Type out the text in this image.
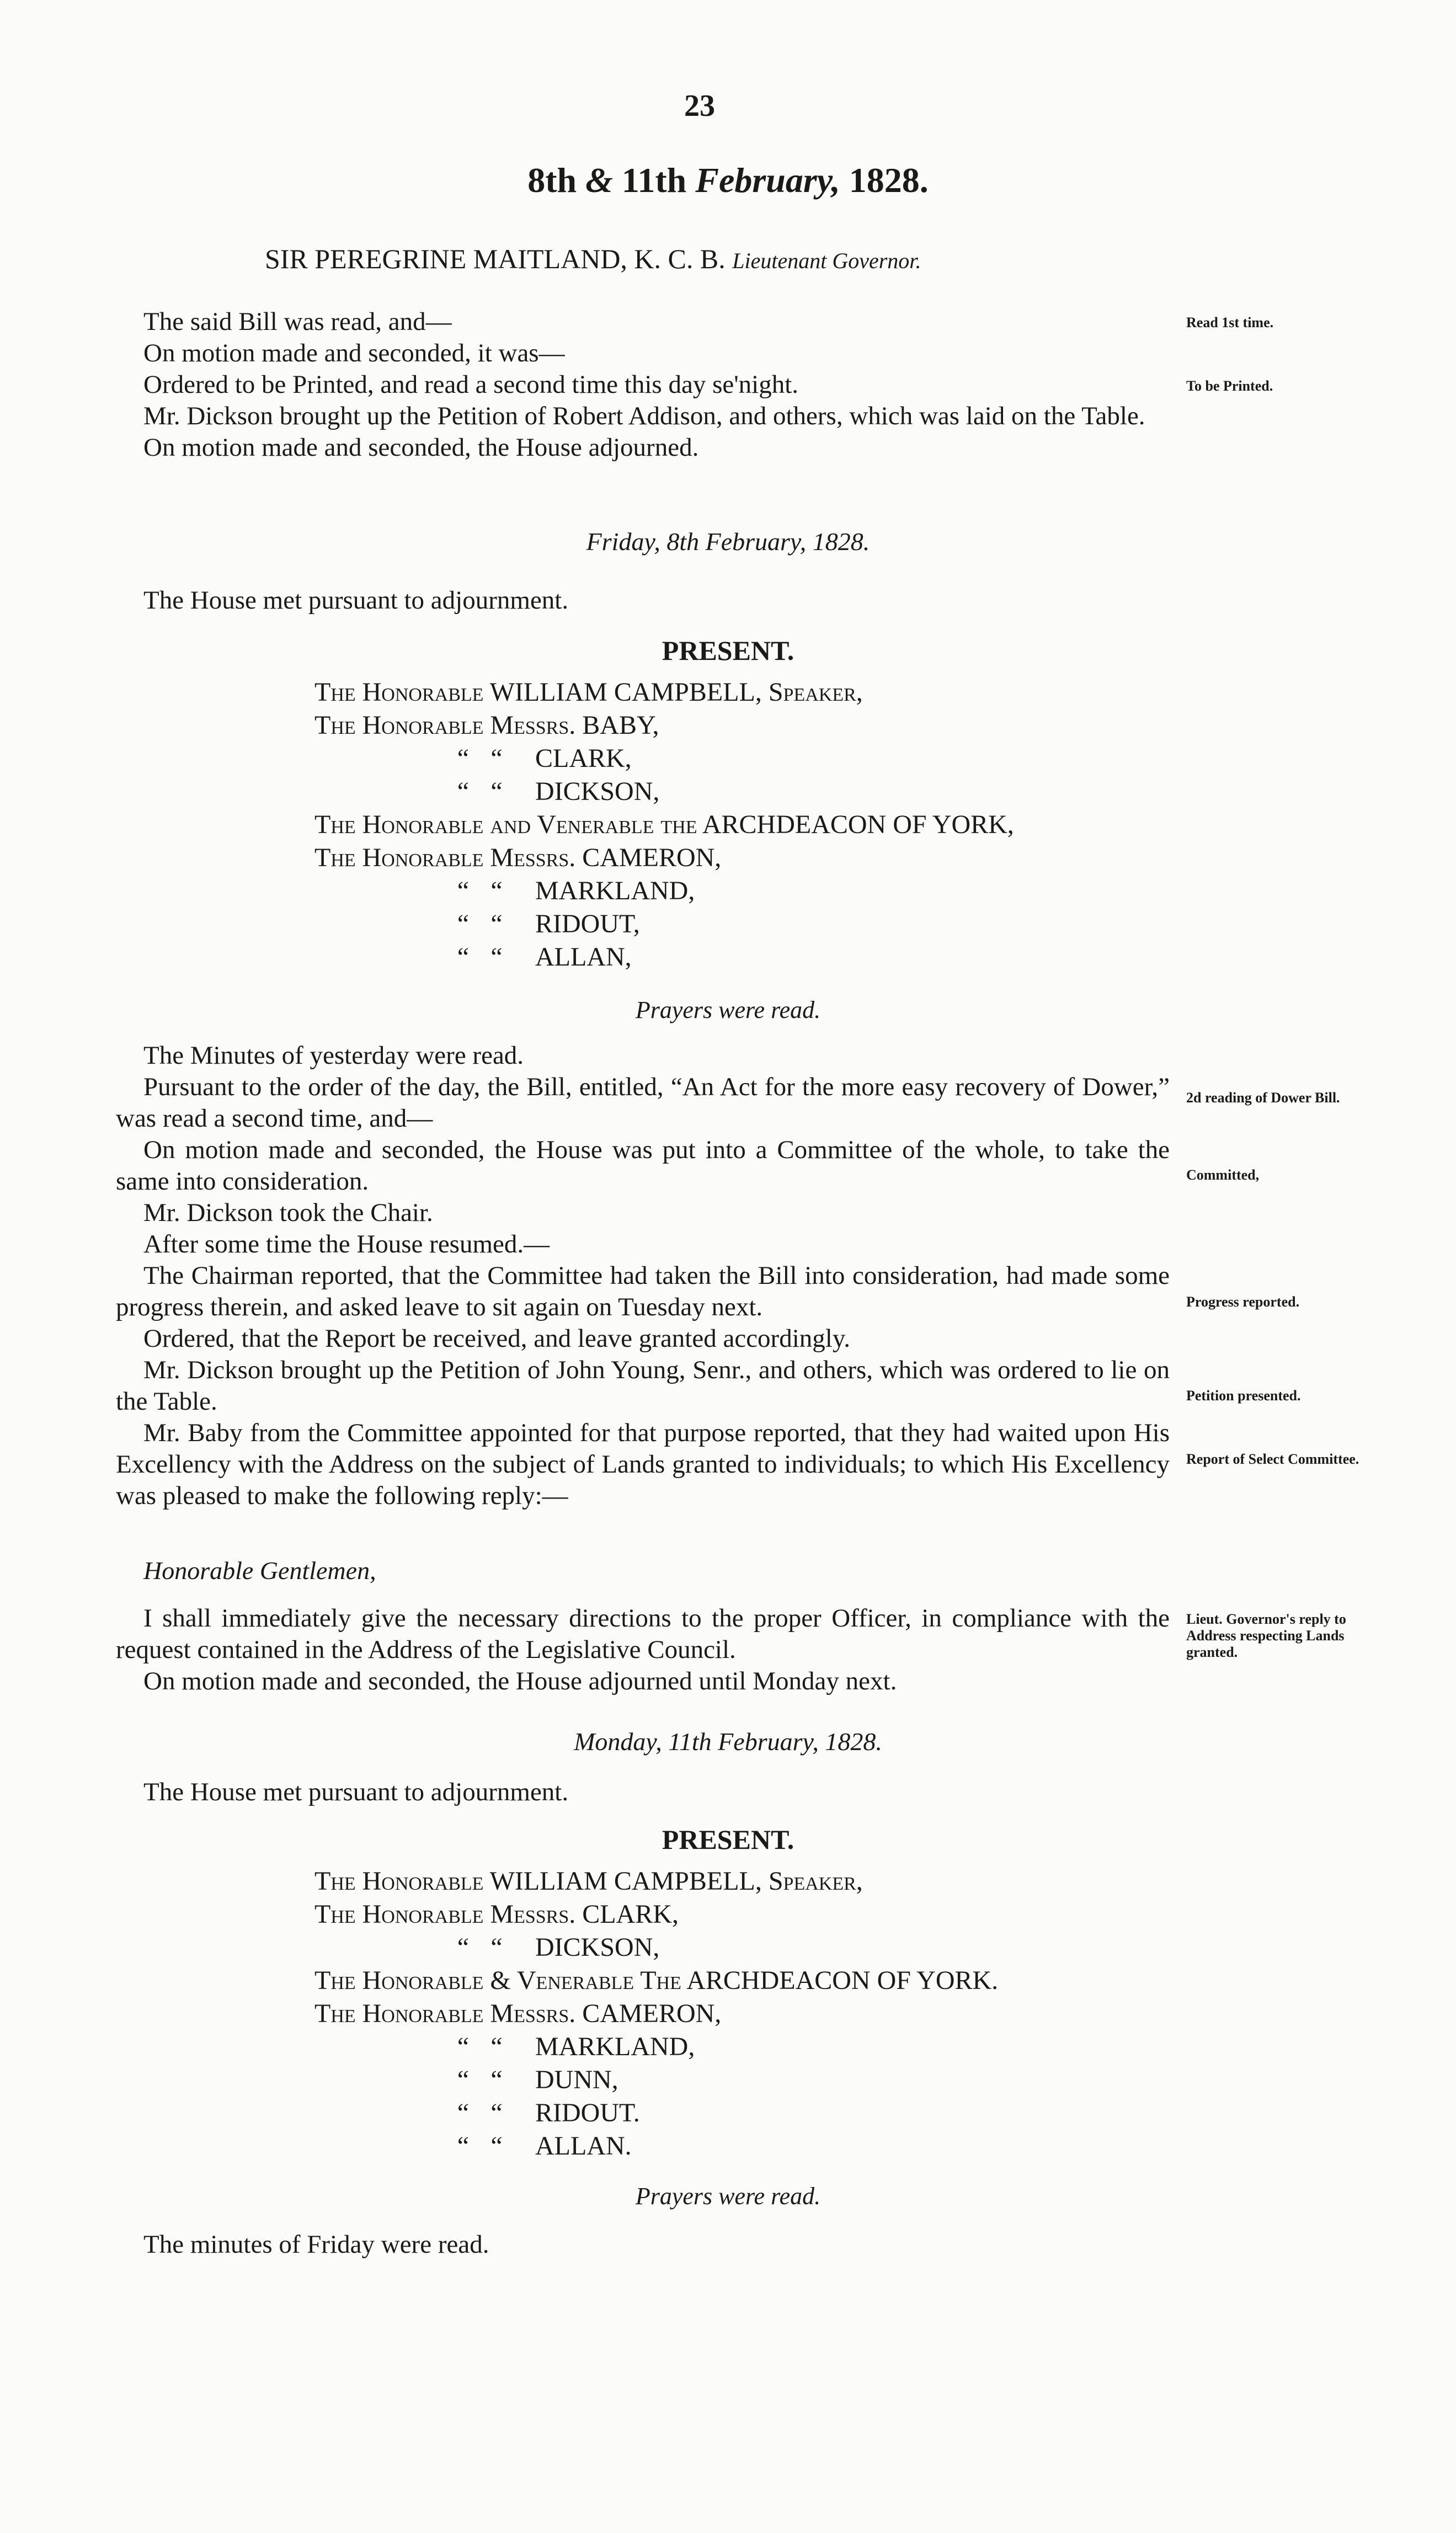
23
8th & 11th February, 1828.
SIR PEREGRINE MAITLAND, K. C. B. Lieutenant Governor.

The said Bill was read, and—

On motion made and seconded, it was—

Ordered to be Printed, and read a second time this day se'night.

Mr. Dickson brought up the Petition of Robert Addison, and others, which was laid on the Table.

On motion made and seconded, the House adjourned.

Read 1st time.
To be Printed.
Friday, 8th February, 1828.

The House met pursuant to adjournment.

PRESENT.
The Honorable WILLIAM CAMPBELL, Speaker,
The Honorable Messrs. BABY,
“ “ CLARK,
“ “ DICKSON,
The Honorable and Venerable the ARCHDEACON OF YORK,
The Honorable Messrs. CAMERON,
“ “ MARKLAND,
“ “ RIDOUT,
“ “ ALLAN,
Prayers were read.

The Minutes of yesterday were read.

Pursuant to the order of the day, the Bill, entitled, “An Act for the more easy recovery of Dower,” was read a second time, and—

On motion made and seconded, the House was put into a Committee of the whole, to take the same into consideration.

Mr. Dickson took the Chair.

After some time the House resumed.—

The Chairman reported, that the Committee had taken the Bill into consideration, had made some progress therein, and asked leave to sit again on Tuesday next.

Ordered, that the Report be received, and leave granted accordingly.

Mr. Dickson brought up the Petition of John Young, Senr., and others, which was ordered to lie on the Table.

Mr. Baby from the Committee appointed for that purpose reported, that they had waited upon His Excellency with the Address on the subject of Lands granted to individuals; to which His Excellency was pleased to make the following reply:—

2d reading of Dower Bill.
Committed,
Progress reported.
Petition presented.
Report of Select Committee.
Lieut. Governor's reply to Address respecting Lands granted.
Honorable Gentlemen,

I shall immediately give the necessary directions to the proper Officer, in compliance with the request contained in the Address of the Legislative Council.

On motion made and seconded, the House adjourned until Monday next.

Monday, 11th February, 1828.

The House met pursuant to adjournment.

PRESENT.
The Honorable WILLIAM CAMPBELL, Speaker,
The Honorable Messrs. CLARK,
“ “ DICKSON,
The Honorable & Venerable The ARCHDEACON OF YORK.
The Honorable Messrs. CAMERON,
“ “ MARKLAND,
“ “ DUNN,
“ “ RIDOUT.
“ “ ALLAN.
Prayers were read.

The minutes of Friday were read.
